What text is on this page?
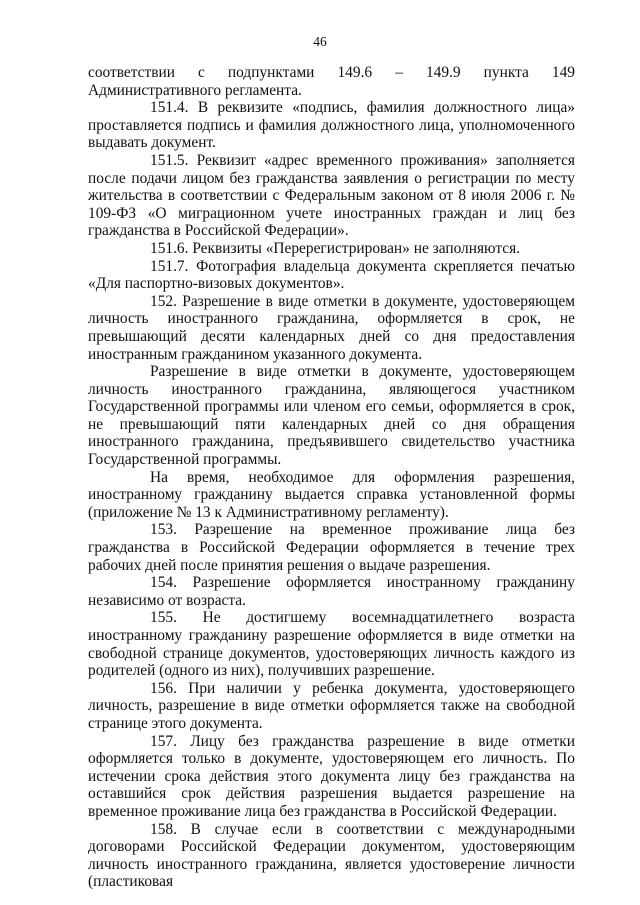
46

соответствии с подпунктами 149.6 – 149.9 пункта 149 Административного регламента.

151.4. В реквизите «подпись, фамилия должностного лица» проставляется подпись и фамилия должностного лица, уполномоченного выдавать документ.

151.5. Реквизит «адрес временного проживания» заполняется после подачи лицом без гражданства заявления о регистрации по месту жительства в соответствии с Федеральным законом от 8 июля 2006 г. № 109-ФЗ «О миграционном учете иностранных граждан и лиц без гражданства в Российской Федерации».

151.6. Реквизиты «Перерегистрирован» не заполняются.

151.7. Фотография владельца документа скрепляется печатью «Для паспортно-визовых документов».

152. Разрешение в виде отметки в документе, удостоверяющем личность иностранного гражданина, оформляется в срок, не превышающий десяти календарных дней со дня предоставления иностранным гражданином указанного документа.

Разрешение в виде отметки в документе, удостоверяющем личность иностранного гражданина, являющегося участником Государственной программы или членом его семьи, оформляется в срок, не превышающий пяти календарных дней со дня обращения иностранного гражданина, предъявившего свидетельство участника Государственной программы.

На время, необходимое для оформления разрешения, иностранному гражданину выдается справка установленной формы (приложение № 13 к Административному регламенту).

153. Разрешение на временное проживание лица без гражданства в Российской Федерации оформляется в течение трех рабочих дней после принятия решения о выдаче разрешения.

154. Разрешение оформляется иностранному гражданину независимо от возраста.

155. Не достигшему восемнадцатилетнего возраста иностранному гражданину разрешение оформляется в виде отметки на свободной странице документов, удостоверяющих личность каждого из родителей (одного из них), получивших разрешение.

156. При наличии у ребенка документа, удостоверяющего личность, разрешение в виде отметки оформляется также на свободной странице этого документа.

157. Лицу без гражданства разрешение в виде отметки оформляется только в документе, удостоверяющем его личность. По истечении срока действия этого документа лицу без гражданства на оставшийся срок действия разрешения выдается разрешение на временное проживание лица без гражданства в Российской Федерации.

158. В случае если в соответствии с международными договорами Российской Федерации документом, удостоверяющим личность иностранного гражданина, является удостоверение личности (пластиковая
